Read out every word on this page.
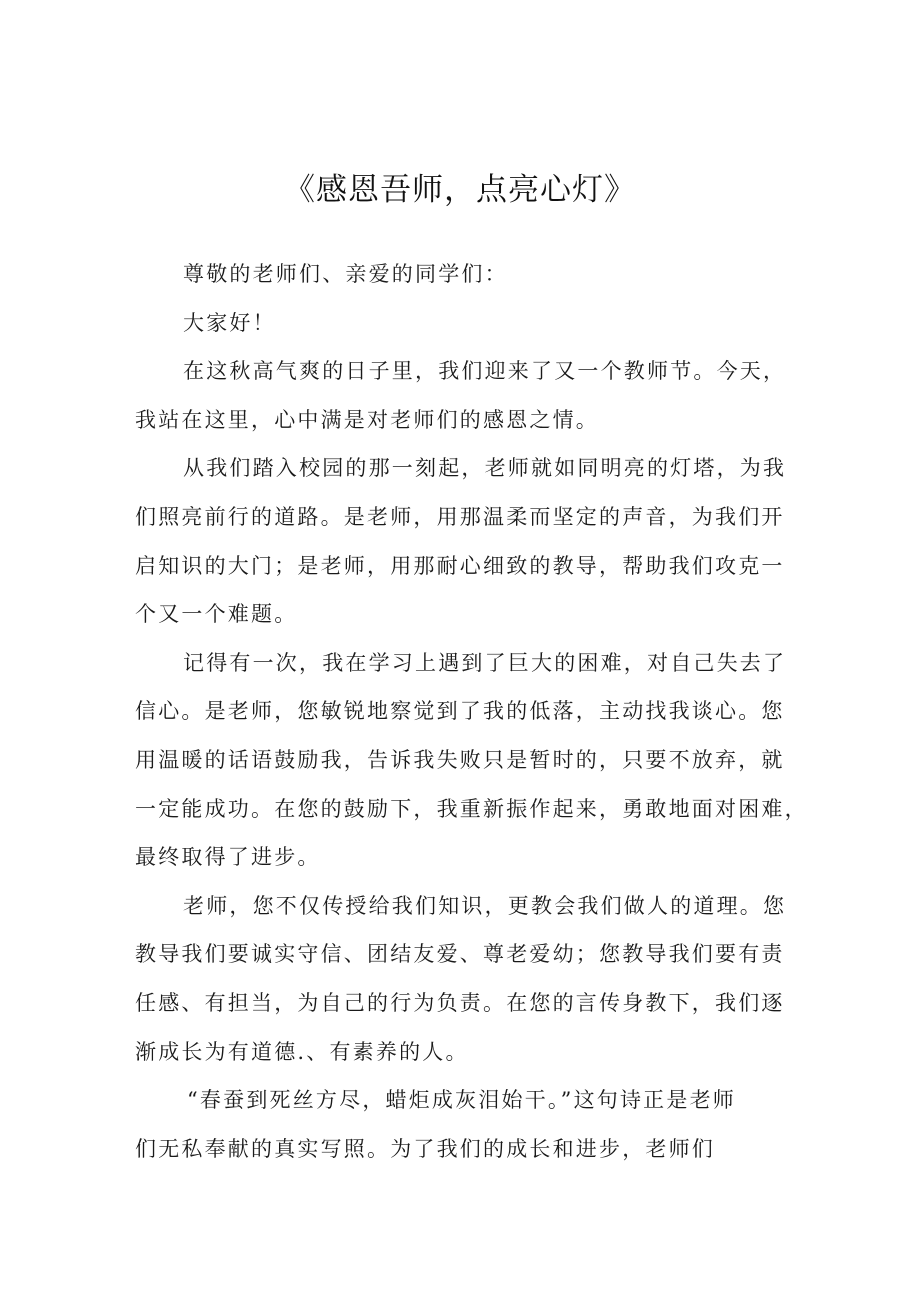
《感恩吾师，点亮心灯》
尊敬的老师们、亲爱的同学们：
大家好！
在这秋高气爽的日子里，我们迎来了又一个教师节。今天，
我站在这里，心中满是对老师们的感恩之情。
从我们踏入校园的那一刻起，老师就如同明亮的灯塔，为我
们照亮前行的道路。是老师，用那温柔而坚定的声音，为我们开
启知识的大门；是老师，用那耐心细致的教导，帮助我们攻克一
个又一个难题。
记得有一次，我在学习上遇到了巨大的困难，对自己失去了
信心。是老师，您敏锐地察觉到了我的低落，主动找我谈心。您
用温暖的话语鼓励我，告诉我失败只是暂时的，只要不放弃，就
一定能成功。在您的鼓励下，我重新振作起来，勇敢地面对困难，
最终取得了进步。
老师，您不仅传授给我们知识，更教会我们做人的道理。您
教导我们要诚实守信、团结友爱、尊老爱幼；您教导我们要有责
任感、有担当，为自己的行为负责。在您的言传身教下，我们逐
渐成长为有道德.、有素养的人。
“春蚕到死丝方尽，蜡炬成灰泪始干。”这句诗正是老师
们无私奉献的真实写照。为了我们的成长和进步，老师们
